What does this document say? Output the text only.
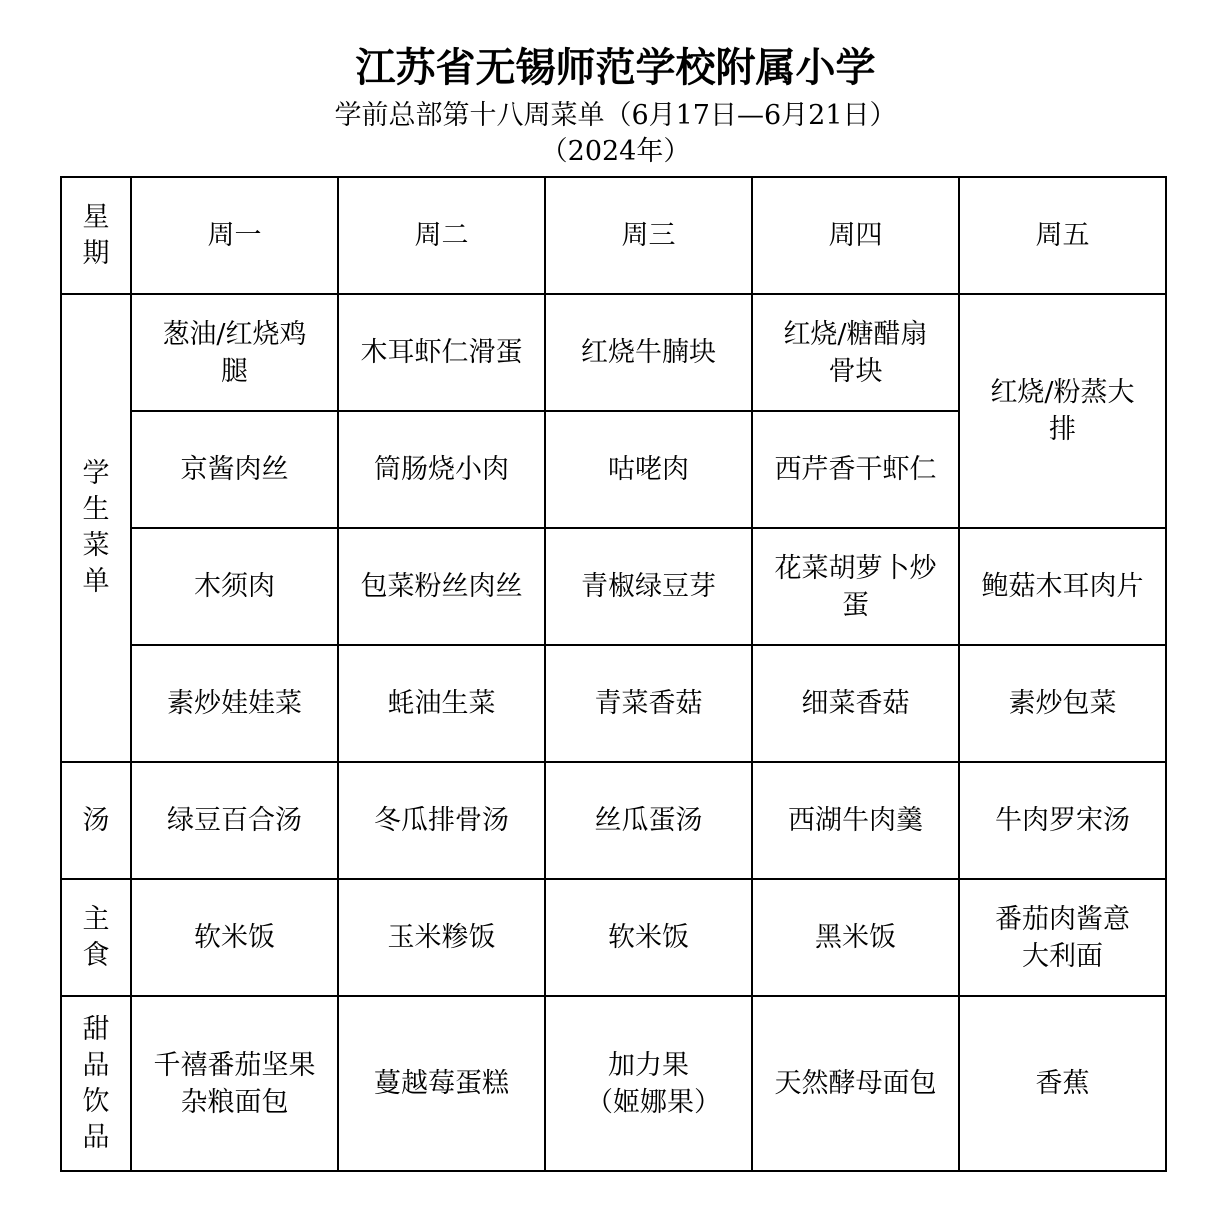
江苏省无锡师范学校附属小学
学前总部第十八周菜单（6月17日—6月21日）
（2024年）
星期	周一	周二	周三	周四	周五

学生菜单	葱油/红烧鸡腿	木耳虾仁滑蛋	红烧牛腩块	红烧/糖醋扇骨块	红烧/粉蒸大排

	京酱肉丝	筒肠烧小肉	咕咾肉	西芹香干虾仁	
	木须肉	包菜粉丝肉丝	青椒绿豆芽	花菜胡萝卜炒蛋	鲍菇木耳肉片
	素炒娃娃菜	蚝油生菜	青菜香菇	细菜香菇	素炒包菜

汤	绿豆百合汤	冬瓜排骨汤	丝瓜蛋汤	西湖牛肉羹	牛肉罗宋汤

主食	软米饭	玉米糁饭	软米饭	黑米饭	番茄肉酱意大利面

甜品饮品	千禧番茄坚果杂粮面包	蔓越莓蛋糕	加力果（姬娜果）	天然酵母面包	香蕉
